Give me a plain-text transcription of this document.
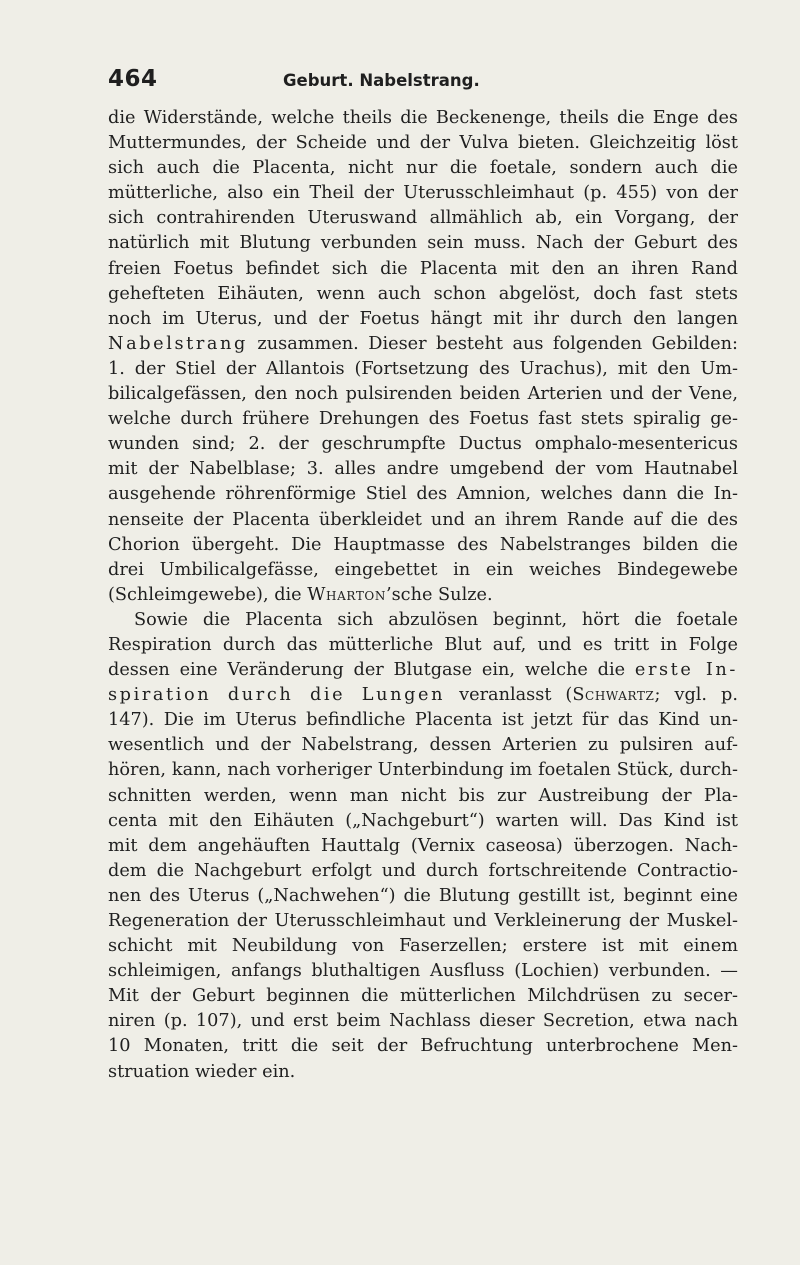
464	Geburt. Nabelstrang.
die Widerstände, welche theils die Beckenenge, theils die Enge des
Muttermundes, der Scheide und der Vulva bieten. Gleichzeitig löst
sich auch die Placenta, nicht nur die foetale, sondern auch die
mütterliche, also ein Theil der Uterusschleimhaut (p. 455) von der
sich contrahirenden Uteruswand allmählich ab, ein Vorgang, der
natürlich mit Blutung verbunden sein muss. Nach der Geburt des
freien Foetus befindet sich die Placenta mit den an ihren Rand
gehefteten Eihäuten, wenn auch schon abgelöst, doch fast stets
noch im Uterus, und der Foetus hängt mit ihr durch den langen
Nabelstrang zusammen. Dieser besteht aus folgenden Gebilden:
1. der Stiel der Allantois (Fortsetzung des Urachus), mit den Um-
bilicalgefässen, den noch pulsirenden beiden Arterien und der Vene,
welche durch frühere Drehungen des Foetus fast stets spiralig ge-
wunden sind; 2. der geschrumpfte Ductus omphalo-mesentericus
mit der Nabelblase; 3. alles andre umgebend der vom Hautnabel
ausgehende röhrenförmige Stiel des Amnion, welches dann die In-
nenseite der Placenta überkleidet und an ihrem Rande auf die des
Chorion übergeht. Die Hauptmasse des Nabelstranges bilden die
drei Umbilicalgefässe, eingebettet in ein weiches Bindegewebe
(Schleimgewebe), die Wharton’sche Sulze.
Sowie die Placenta sich abzulösen beginnt, hört die foetale
Respiration durch das mütterliche Blut auf, und es tritt in Folge
dessen eine Veränderung der Blutgase ein, welche die erste In-
spiration durch die Lungen veranlasst (Schwartz; vgl. p.
147). Die im Uterus befindliche Placenta ist jetzt für das Kind un-
wesentlich und der Nabelstrang, dessen Arterien zu pulsiren auf-
hören, kann, nach vorheriger Unterbindung im foetalen Stück, durch-
schnitten werden, wenn man nicht bis zur Austreibung der Pla-
centa mit den Eihäuten („Nachgeburt“) warten will. Das Kind ist
mit dem angehäuften Hauttalg (Vernix caseosa) überzogen. Nach-
dem die Nachgeburt erfolgt und durch fortschreitende Contractio-
nen des Uterus („Nachwehen“) die Blutung gestillt ist, beginnt eine
Regeneration der Uterusschleimhaut und Verkleinerung der Muskel-
schicht mit Neubildung von Faserzellen; erstere ist mit einem
schleimigen, anfangs bluthaltigen Ausfluss (Lochien) verbunden. —
Mit der Geburt beginnen die mütterlichen Milchdrüsen zu secer-
niren (p. 107), und erst beim Nachlass dieser Secretion, etwa nach
10 Monaten, tritt die seit der Befruchtung unterbrochene Men-
struation wieder ein.
